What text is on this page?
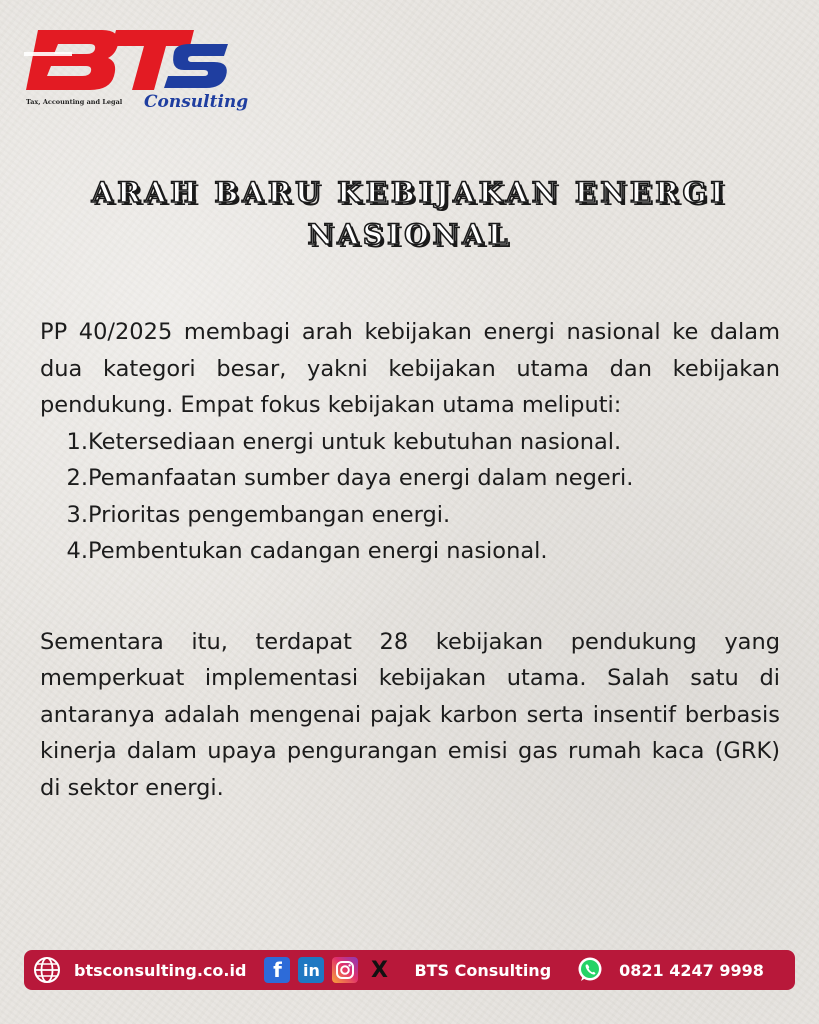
Tax, Accounting and Legal Consulting
ARAH BARU KEBIJAKAN ENERGI
NASIONAL

PP 40/2025 membagi arah kebijakan energi nasional ke dalam dua kategori besar, yakni kebijakan utama dan kebijakan pendukung. Empat fokus kebijakan utama meliputi:

1. Ketersediaan energi untuk kebutuhan nasional.
2. Pemanfaatan sumber daya energi dalam negeri.
3. Prioritas pengembangan energi.
4. Pembentukan cadangan energi nasional.

Sementara itu, terdapat 28 kebijakan pendukung yang memperkuat implementasi kebijakan utama. Salah satu di antaranya adalah mengenai pajak karbon serta insentif berbasis kinerja dalam upaya pengurangan emisi gas rumah kaca (GRK) di sektor energi.

btsconsulting.co.id f in X BTS Consulting	0821 4247 9998
